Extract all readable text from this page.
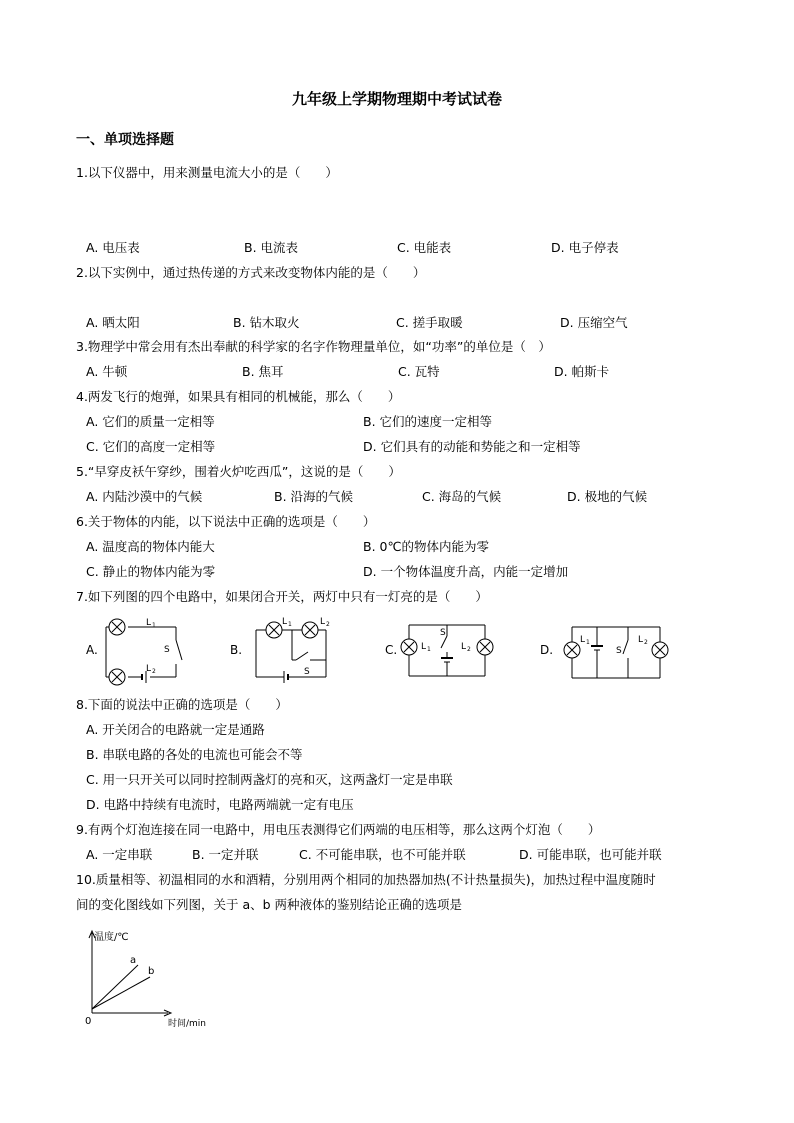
九年级上学期物理期中考试试卷
一、单项选择题
1.以下仪器中，用来测量电流大小的是（　　）
A. 电压表	B. 电流表	C. 电能表	D. 电子停表
2.以下实例中，通过热传递的方式来改变物体内能的是（　　）
A. 晒太阳	B. 钻木取火	C. 搓手取暖	D. 压缩空气
3.物理学中常会用有杰出奉献的科学家的名字作物理量单位，如“功率”的单位是（　）
A. 牛顿	B. 焦耳	C. 瓦特	D. 帕斯卡
4.两发飞行的炮弹，如果具有相同的机械能，那么（　　）
A. 它们的质量一定相等	B. 它们的速度一定相等
C. 它们的高度一定相等	D. 它们具有的动能和势能之和一定相等
5.“早穿皮袄午穿纱，围着火炉吃西瓜”，这说的是（　　）
A. 内陆沙漠中的气候	B. 沿海的气候	C. 海岛的气候	D. 极地的气候
6.关于物体的内能，以下说法中正确的选项是（　　）
A. 温度高的物体内能大	B. 0℃的物体内能为零
C. 静止的物体内能为零	D. 一个物体温度升高，内能一定增加
7.如下列图的四个电路中，如果闭合开关，两灯中只有一灯亮的是（　　）
A.
L 1
L 2
S	B.
L 1	L 2
S
C.	L 1	L 2
S
D.
L 1	L 2
S
8.下面的说法中正确的选项是（　　）
A. 开关闭合的电路就一定是通路
B. 串联电路的各处的电流也可能会不等
C. 用一只开关可以同时控制两盏灯的亮和灭，这两盏灯一定是串联
D. 电路中持续有电流时，电路两端就一定有电压
9.有两个灯泡连接在同一电路中，用电压表测得它们两端的电压相等，那么这两个灯泡（　　）
A. 一定串联	B. 一定并联	C. 不可能串联，也不可能并联	D. 可能串联，也可能并联
10.质量相等、初温相同的水和酒精，分别用两个相同的加热器加热(不计热量损失)，加热过程中温度随时
间的变化图线如下列图，关于 a、b 两种液体的鉴别结论正确的选项是
温度/℃
a
b
0	时间/min
